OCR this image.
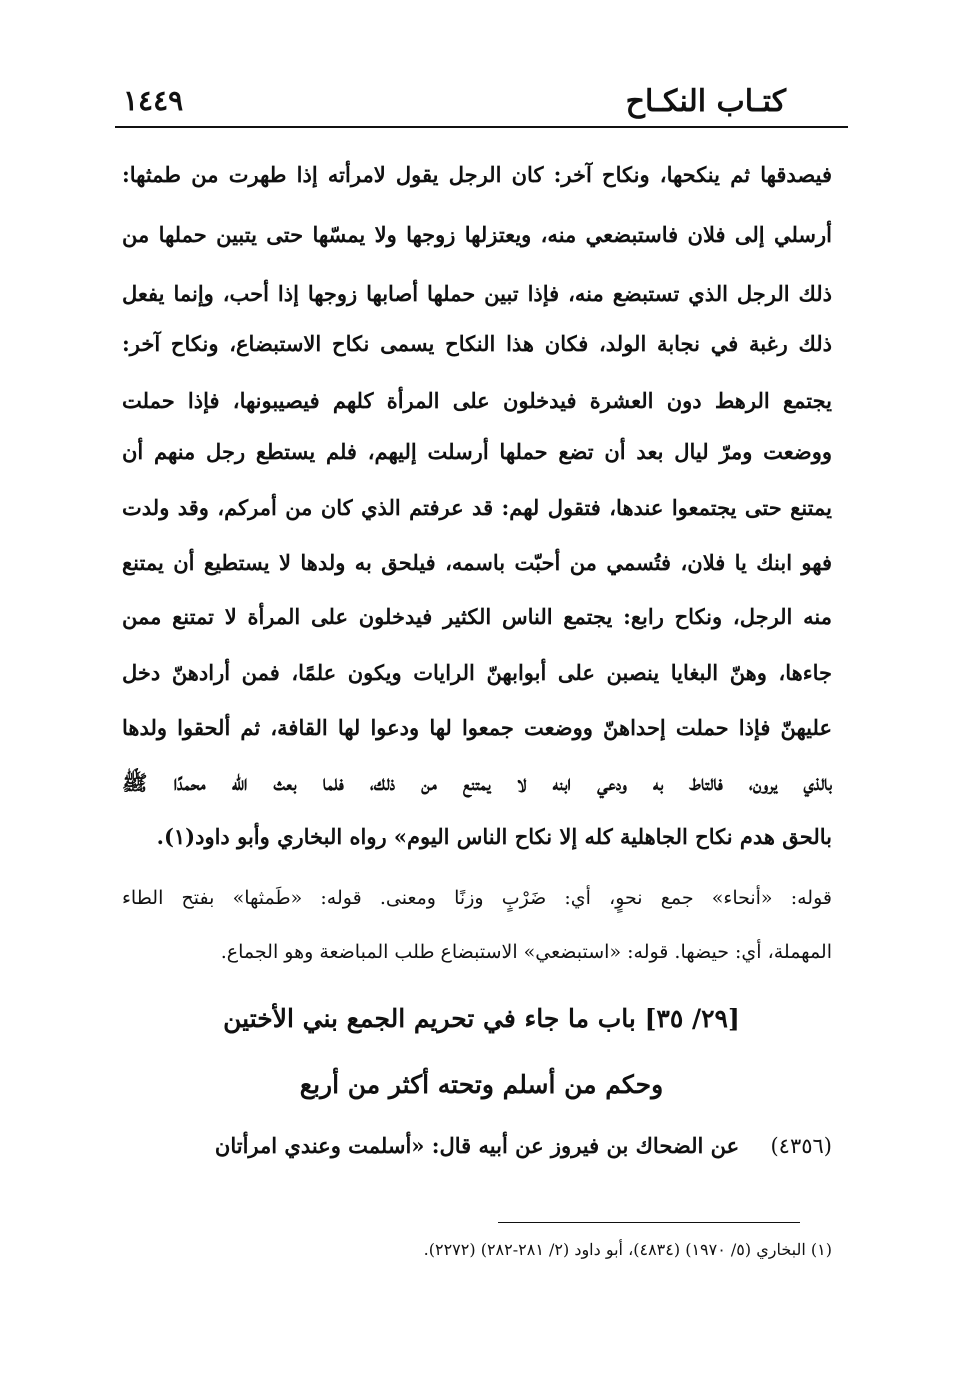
كتـاب النكـاح
١٤٤٩
فيصدقها ثم ينكحها، ونكاح آخر: كان الرجل يقول لامرأته إذا طهرت من طمثها:
أرسلي إلى فلان فاستبضعي منه، ويعتزلها زوجها ولا يمسّها حتى يتبين حملها من
ذلك الرجل الذي تستبضع منه، فإذا تبين حملها أصابها زوجها إذا أحب، وإنما يفعل
ذلك رغبة في نجابة الولد، فكان هذا النكاح يسمى نكاح الاستبضاع، ونكاح آخر:
يجتمع الرهط دون العشرة فيدخلون على المرأة كلهم فيصيبونها، فإذا حملت
ووضعت ومرّ ليال بعد أن تضع حملها أرسلت إليهم، فلم يستطع رجل منهم أن
يمتنع حتى يجتمعوا عندها، فتقول لهم: قد عرفتم الذي كان من أمركم، وقد ولدت
فهو ابنك يا فلان، فتُسمي من أحبّت باسمه، فيلحق به ولدها لا يستطيع أن يمتنع
منه الرجل، ونكاح رابع: يجتمع الناس الكثير فيدخلون على المرأة لا تمتنع ممن
جاءها، وهنّ البغايا ينصبن على أبوابهنّ الرايات ويكون علمًا، فمن أرادهنّ دخل
عليهنّ فإذا حملت إحداهنّ ووضعت جمعوا لها ودعوا لها القافة، ثم ألحقوا ولدها
بالذي يرون، فالتاط به ودعي ابنه لا يمتنع من ذلك، فلما بعث الله محمدًا ﷺ
بالحق هدم نكاح الجاهلية كله إلا نكاح الناس اليوم» رواه البخاري وأبو داود(١).
قوله: «أنحاء» جمع نحوٍ، أي: ضَرْبٍ وزنًا ومعنى. قوله: «طَمثها» بفتح الطاء
المهملة، أي: حيضها. قوله: «استبضعي» الاستبضاع طلب المباضعة وهو الجماع.
[٢٩/ ٣٥] باب ما جاء في تحريم الجمع بني الأختين
وحكم من أسلم وتحته أكثر من أربع
(٤٣٥٦) عن الضحاك بن فيروز عن أبيه قال: «أسلمت وعندي امرأتان
(١) البخاري (٥/ ١٩٧٠) (٤٨٣٤)، أبو داود (٢/ ٢٨١-٢٨٢) (٢٢٧٢).
